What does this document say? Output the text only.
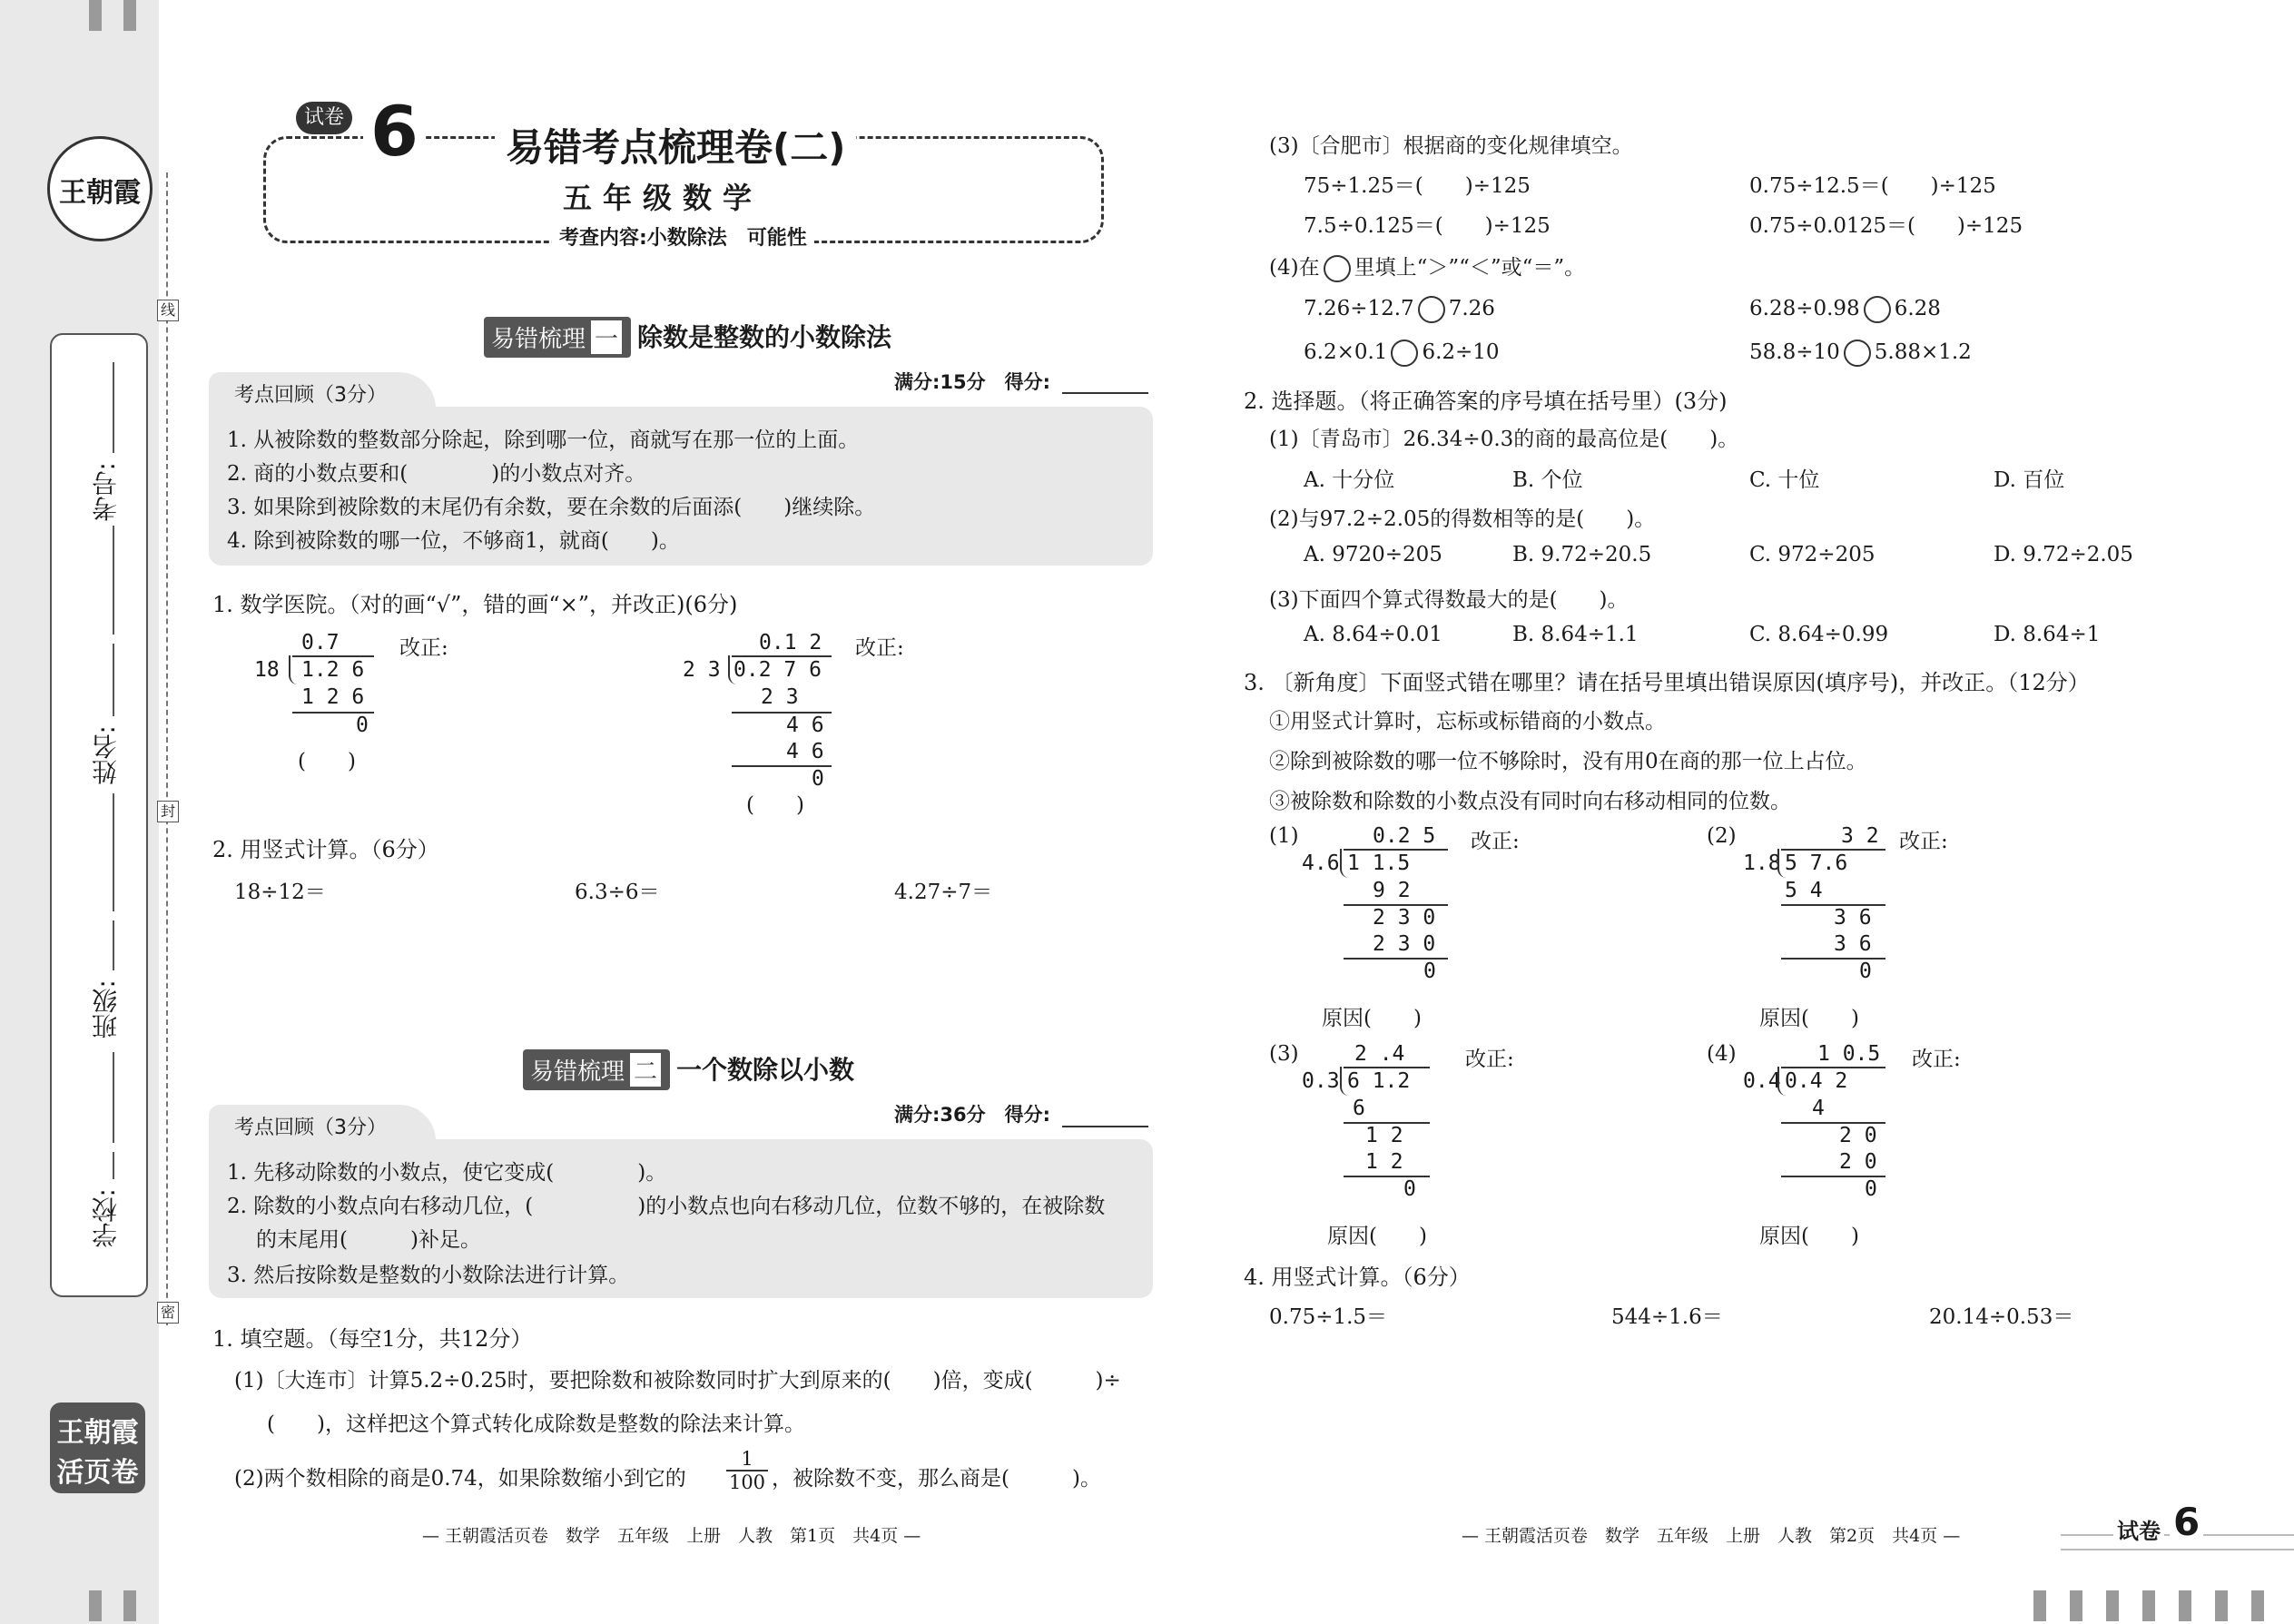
王朝霞
考号:
姓名:
班级:
学校:
线
封
密
王朝霞
活页卷
试卷 6 易错考点梳理卷(二)
五年级数学
考查内容:小数除法　可能性
易错梳理 一 除数是整数的小数除法
考点回顾（3分）
满分:15分　得分:
1. 从被除数的整数部分除起，除到哪一位，商就写在那一位的上面。
2. 商的小数点要和(　　　　)的小数点对齐。
3. 如果除到被除数的末尾仍有余数，要在余数的后面添(　　)继续除。
4. 除到被除数的哪一位，不够商1，就商(　　)。
1. 数学医院。（对的画“√”，错的画“×”，并改正)(6分)
0.7
18 1.2 6
1 2 6
0
(　　)
改正:	0.1 2
2 3 0.2 7 6
2 3
4 6
4 6
0
(　　)
改正:
2. 用竖式计算。（6分）
18÷12＝	6.3÷6＝	4.27÷7＝
易错梳理 二 一个数除以小数
考点回顾（3分）
满分:36分　得分:
1. 先移动除数的小数点，使它变成(　　　　)。
2. 除数的小数点向右移动几位，(　　　　　)的小数点也向右移动几位，位数不够的，在被除数
的末尾用(　　　)补足。
3. 然后按除数是整数的小数除法进行计算。
1. 填空题。（每空1分，共12分）
(1)〔大连市〕计算5.2÷0.25时，要把除数和被除数同时扩大到原来的(　　)倍，变成(　　　)÷
(　　)，这样把这个算式转化成除数是整数的除法来计算。
(2)两个数相除的商是0.74，如果除数缩小到它的 $\frac{1}{100}$ ，被除数不变，那么商是(　　　)。
— 王朝霞活页卷　数学　五年级　上册　人教　第1页　共4页 —
(3)〔合肥市〕根据商的变化规律填空。
75÷1.25＝(　　)÷125	0.75÷12.5＝(　　)÷125
7.5÷0.125＝(　　)÷125	0.75÷0.0125＝(　　)÷125
(4)在 里填上“＞”“＜”或“＝”。
7.26÷12.7 7.26	6.28÷0.98 6.28
6.2×0.1 6.2÷10	58.8÷10 5.88×1.2
2. 选择题。（将正确答案的序号填在括号里）(3分)
(1)〔青岛市〕26.34÷0.3的商的最高位是(　　)。
A. 十分位	B. 个位	C. 十位	D. 百位
(2)与97.2÷2.05的得数相等的是(　　)。
A. 9720÷205	B. 9.72÷20.5	C. 972÷205	D. 9.72÷2.05
(3)下面四个算式得数最大的是(　　)。
A. 8.64÷0.01	B. 8.64÷1.1	C. 8.64÷0.99	D. 8.64÷1
3. 〔新角度〕下面竖式错在哪里？请在括号里填出错误原因(填序号)，并改正。（12分）
①用竖式计算时，忘标或标错商的小数点。
②除到被除数的哪一位不够除时，没有用0在商的那一位上占位。
③被除数和除数的小数点没有同时向右移动相同的位数。
(1)	0.2 5
4.6 1 1.5
9 2
2 3 0
2 3 0
0
改正:
原因(　　)
(2)	3 2
1.8 5 7.6
5 4
3 6
3 6
0
改正:
原因(　　)
(3)	2 .4
0.3 6 1.2
6
1 2
1 2
0
改正:
原因(　　)
(4)	1 0.5
0.4 0.4 2
4
2 0
2 0
0
改正:
原因(　　)
4. 用竖式计算。（6分）
0.75÷1.5＝	544÷1.6＝	20.14÷0.53＝
— 王朝霞活页卷　数学　五年级　上册　人教　第2页　共4页 —	试卷 6
